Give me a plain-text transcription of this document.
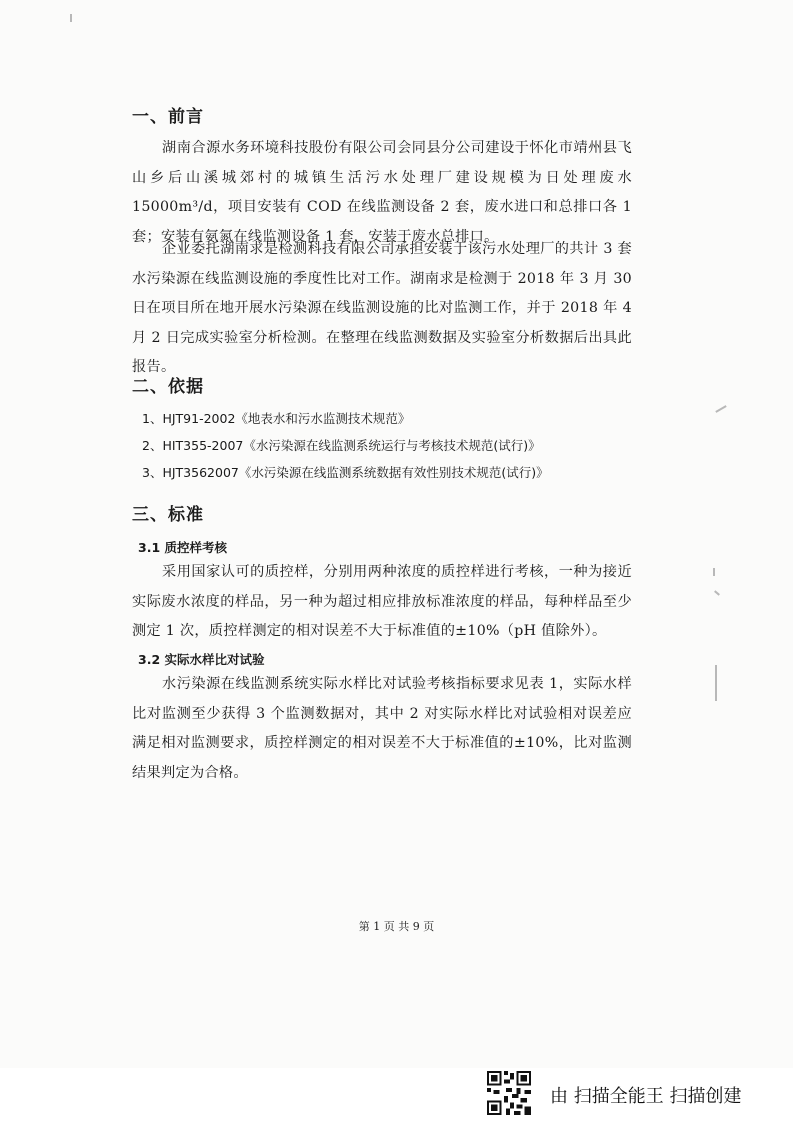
一、前言

湖南合源水务环境科技股份有限公司会同县分公司建设于怀化市靖州县飞山乡后山溪城郊村的城镇生活污水处理厂建设规模为日处理废水 15000m³/d，项目安装有 COD 在线监测设备 2 套，废水进口和总排口各 1 套；安装有氨氮在线监测设备 1 套，安装于废水总排口。

企业委托湖南求是检测科技有限公司承担安装于该污水处理厂的共计 3 套水污染源在线监测设施的季度性比对工作。湖南求是检测于 2018 年 3 月 30 日在项目所在地开展水污染源在线监测设施的比对监测工作，并于 2018 年 4 月 2 日完成实验室分析检测。在整理在线监测数据及实验室分析数据后出具此报告。

二、依据
1、HJT91-2002《地表水和污水监测技术规范》
2、HIT355-2007《水污染源在线监测系统运行与考核技术规范(试行)》
3、HJT3562007《水污染源在线监测系统数据有效性别技术规范(试行)》
三、标准
3.1 质控样考核

采用国家认可的质控样，分别用两种浓度的质控样进行考核，一种为接近实际废水浓度的样品，另一种为超过相应排放标准浓度的样品，每种样品至少测定 1 次，质控样测定的相对误差不大于标准值的±10%（pH 值除外）。

3.2 实际水样比对试验

水污染源在线监测系统实际水样比对试验考核指标要求见表 1，实际水样比对监测至少获得 3 个监测数据对，其中 2 对实际水样比对试验相对误差应满足相对监测要求，质控样测定的相对误差不大于标准值的±10%，比对监测结果判定为合格。

第 1 页 共 9 页
由 扫描全能王 扫描创建
